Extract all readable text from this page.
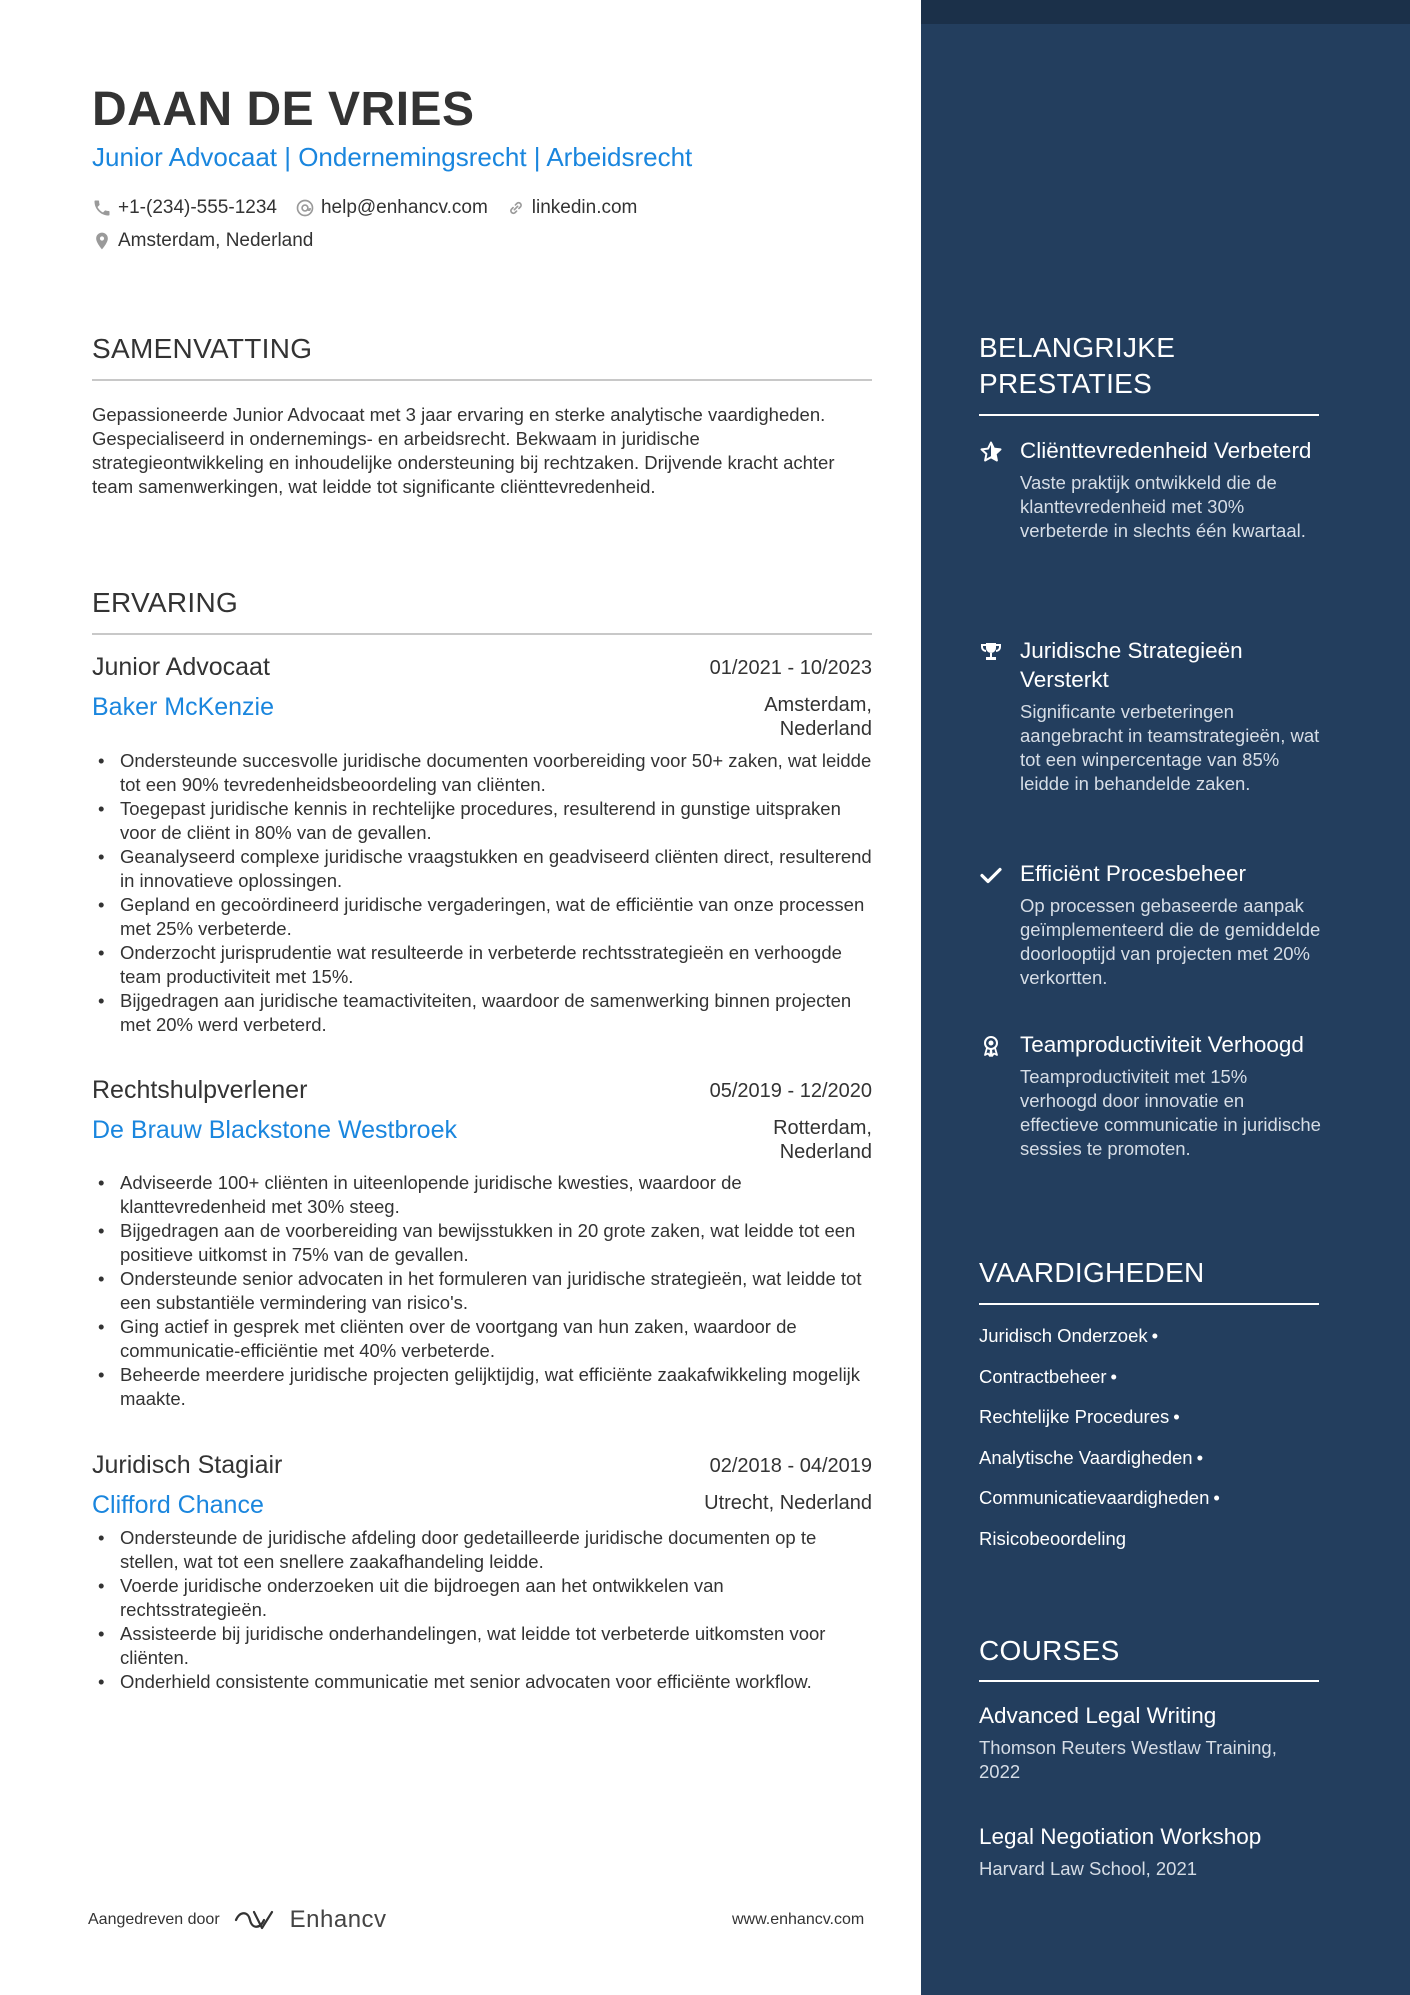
DAAN DE VRIES
Junior Advocaat | Ondernemingsrecht | Arbeidsrecht
+1-(234)-555-1234 help@enhancv.com linkedin.com
Amsterdam, Nederland
SAMENVATTING
Gepassioneerde Junior Advocaat met 3 jaar ervaring en sterke analytische vaardigheden. Gespecialiseerd in ondernemings- en arbeidsrecht. Bekwaam in juridische strategieontwikkeling en inhoudelijke ondersteuning bij rechtzaken. Drijvende kracht achter team samenwerkingen, wat leidde tot significante cliënttevredenheid.
ERVARING
Junior Advocaat	01/2021 - 10/2023
Baker McKenzie	Amsterdam,
Nederland
• Ondersteunde succesvolle juridische documenten voorbereiding voor 50+ zaken, wat leidde tot een 90% tevredenheidsbeoordeling van cliënten.
• Toegepast juridische kennis in rechtelijke procedures, resulterend in gunstige uitspraken voor de cliënt in 80% van de gevallen.
• Geanalyseerd complexe juridische vraagstukken en geadviseerd cliënten direct, resulterend in innovatieve oplossingen.
• Gepland en gecoördineerd juridische vergaderingen, wat de efficiëntie van onze processen met 25% verbeterde.
• Onderzocht jurisprudentie wat resulteerde in verbeterde rechtsstrategieën en verhoogde team productiviteit met 15%.
• Bijgedragen aan juridische teamactiviteiten, waardoor de samenwerking binnen projecten met 20% werd verbeterd.
Rechtshulpverlener	05/2019 - 12/2020
De Brauw Blackstone Westbroek	Rotterdam,
Nederland
• Adviseerde 100+ cliënten in uiteenlopende juridische kwesties, waardoor de klanttevredenheid met 30% steeg.
• Bijgedragen aan de voorbereiding van bewijsstukken in 20 grote zaken, wat leidde tot een positieve uitkomst in 75% van de gevallen.
• Ondersteunde senior advocaten in het formuleren van juridische strategieën, wat leidde tot een substantiële vermindering van risico's.
• Ging actief in gesprek met cliënten over de voortgang van hun zaken, waardoor de communicatie-efficiëntie met 40% verbeterde.
• Beheerde meerdere juridische projecten gelijktijdig, wat efficiënte zaakafwikkeling mogelijk maakte.
Juridisch Stagiair	02/2018 - 04/2019
Clifford Chance	Utrecht, Nederland
• Ondersteunde de juridische afdeling door gedetailleerde juridische documenten op te stellen, wat tot een snellere zaakafhandeling leidde.
• Voerde juridische onderzoeken uit die bijdroegen aan het ontwikkelen van rechtsstrategieën.
• Assisteerde bij juridische onderhandelingen, wat leidde tot verbeterde uitkomsten voor cliënten.
• Onderhield consistente communicatie met senior advocaten voor efficiënte workflow.
Aangedreven door	Enhancv	www.enhancv.com
BELANGRIJKE PRESTATIES
Cliënttevredenheid Verbeterd
Vaste praktijk ontwikkeld die de klanttevredenheid met 30% verbeterde in slechts één kwartaal.
Juridische Strategieën Versterkt
Significante verbeteringen aangebracht in teamstrategieën, wat tot een winpercentage van 85% leidde in behandelde zaken.
Efficiënt Procesbeheer
Op processen gebaseerde aanpak geïmplementeerd die de gemiddelde doorlooptijd van projecten met 20% verkortten.
Teamproductiviteit Verhoogd
Teamproductiviteit met 15% verhoogd door innovatie en effectieve communicatie in juridische sessies te promoten.
VAARDIGHEDEN
Juridisch Onderzoek •
Contractbeheer •
Rechtelijke Procedures •
Analytische Vaardigheden •
Communicatievaardigheden •
Risicobeoordeling
COURSES
Advanced Legal Writing
Thomson Reuters Westlaw Training, 2022
Legal Negotiation Workshop
Harvard Law School, 2021
